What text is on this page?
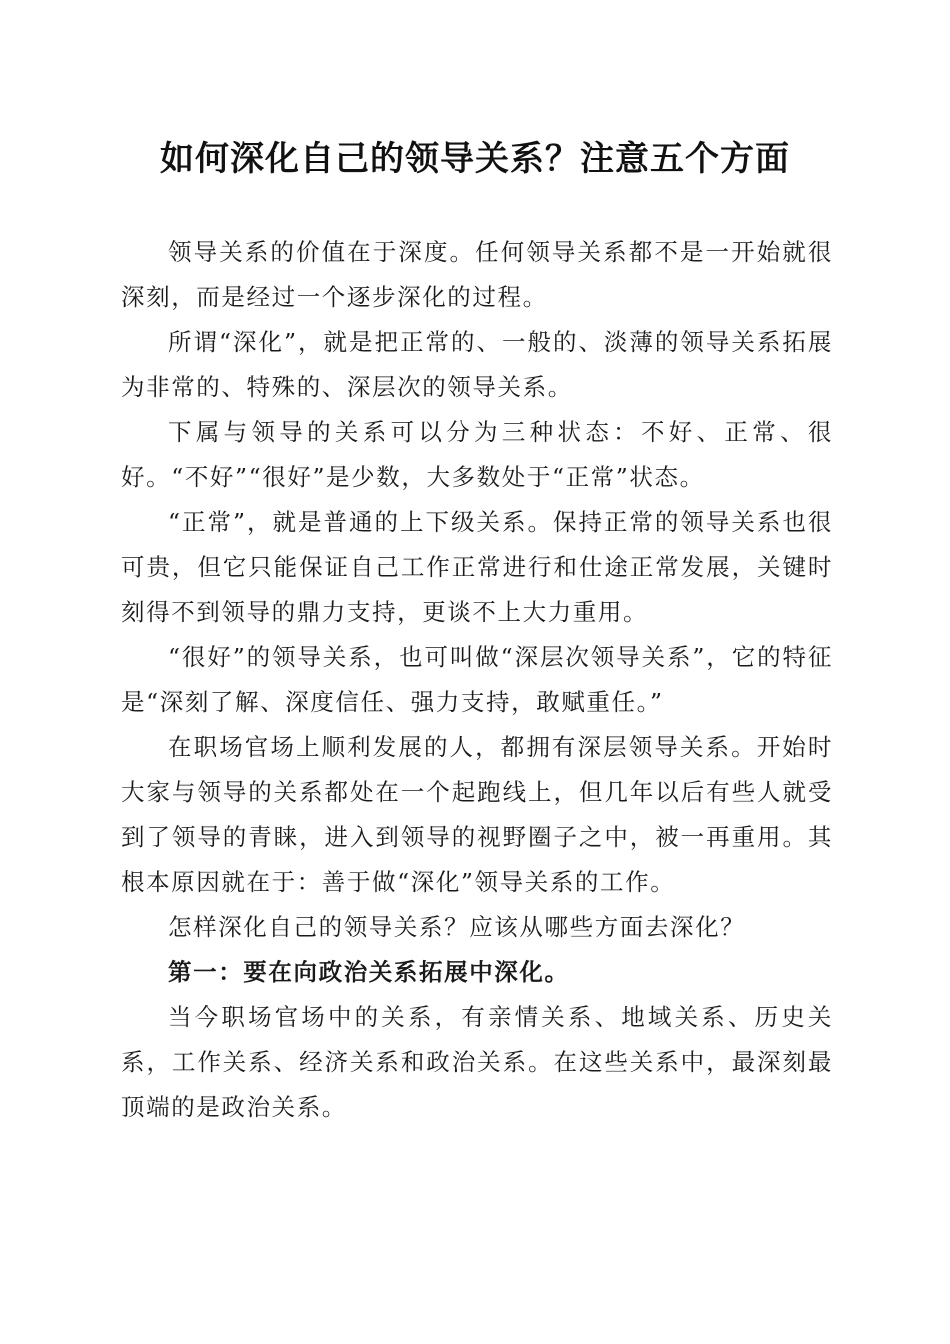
如何深化自己的领导关系？注意五个方面

领导关系的价值在于深度。任何领导关系都不是一开始就很深刻，而是经过一个逐步深化的过程。

所谓“深化”，就是把正常的、一般的、淡薄的领导关系拓展为非常的、特殊的、深层次的领导关系。

下属与领导的关系可以分为三种状态：不好、正常、很好。“不好”“很好”是少数，大多数处于“正常”状态。

“正常”，就是普通的上下级关系。保持正常的领导关系也很可贵，但它只能保证自己工作正常进行和仕途正常发展，关键时刻得不到领导的鼎力支持，更谈不上大力重用。

“很好”的领导关系，也可叫做“深层次领导关系”，它的特征是“深刻了解、深度信任、强力支持，敢赋重任。”

在职场官场上顺利发展的人，都拥有深层领导关系。开始时大家与领导的关系都处在一个起跑线上，但几年以后有些人就受到了领导的青睐，进入到领导的视野圈子之中，被一再重用。其根本原因就在于：善于做“深化”领导关系的工作。

怎样深化自己的领导关系？应该从哪些方面去深化？

第一：要在向政治关系拓展中深化。

当今职场官场中的关系，有亲情关系、地域关系、历史关系，工作关系、经济关系和政治关系。在这些关系中，最深刻最顶端的是政治关系。
